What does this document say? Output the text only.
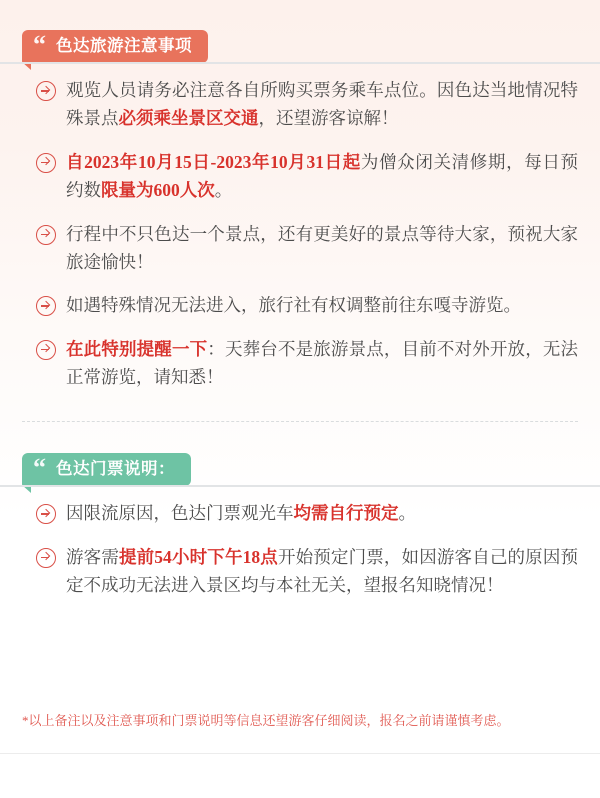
“ 色达旅游注意事项
观览人员请务必注意各自所购买票务乘车点位。因色达当地情况特殊景点必须乘坐景区交通，还望游客谅解！
自2023年10月15日-2023年10月31日起为僧众闭关清修期，每日预约数限量为600人次。
行程中不只色达一个景点，还有更美好的景点等待大家，预祝大家旅途愉快！
如遇特殊情况无法进入，旅行社有权调整前往东嘎寺游览。
在此特别提醒一下：天葬台不是旅游景点，目前不对外开放，无法正常游览，请知悉！
“ 色达门票说明：
因限流原因，色达门票观光车均需自行预定。
游客需提前54小时下午18点开始预定门票，如因游客自己的原因预定不成功无法进入景区均与本社无关，望报名知晓情况！
*以上备注以及注意事项和门票说明等信息还望游客仔细阅读，报名之前请谨慎考虑。
